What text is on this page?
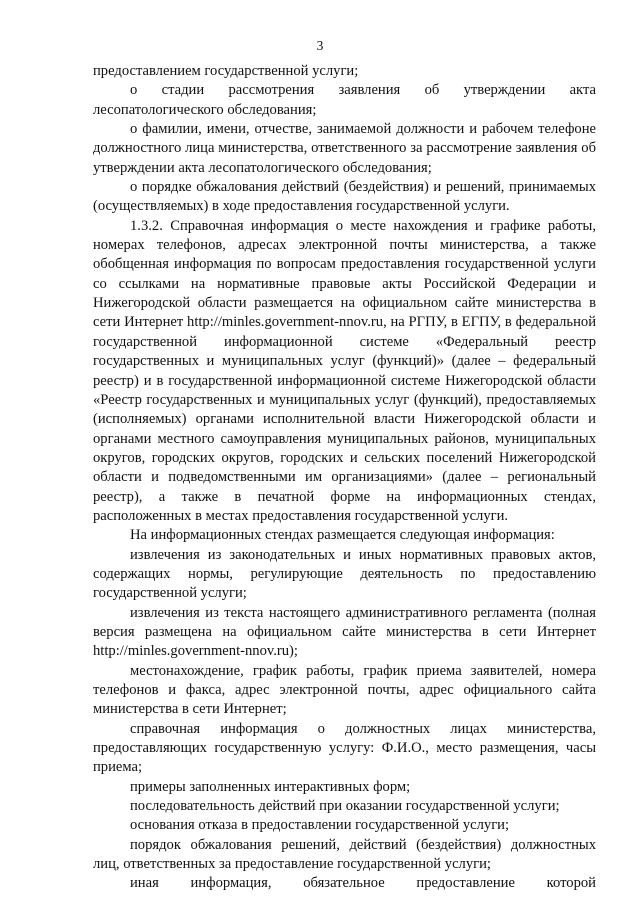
3

предоставлением государственной услуги;

о стадии рассмотрения заявления об утверждении акта лесопатологического обследования;

о фамилии, имени, отчестве, занимаемой должности и рабочем телефоне должностного лица министерства, ответственного за рассмотрение заявления об утверждении акта лесопатологического обследования;

о порядке обжалования действий (бездействия) и решений, принимаемых (осуществляемых) в ходе предоставления государственной услуги.

1.3.2. Справочная информация о месте нахождения и графике работы, номерах телефонов, адресах электронной почты министерства, а также обобщенная информация по вопросам предоставления государственной услуги со ссылками на нормативные правовые акты Российской Федерации и Нижегородской области размещается на официальном сайте министерства в сети Интернет http://minles.government-nnov.ru, на РГПУ, в ЕГПУ, в федеральной государственной информационной системе «Федеральный реестр государственных и муниципальных услуг (функций)» (далее – федеральный реестр) и в государственной информационной системе Нижегородской области «Реестр государственных и муниципальных услуг (функций), предоставляемых (исполняемых) органами исполнительной власти Нижегородской области и органами местного самоуправления муниципальных районов, муниципальных округов, городских округов, городских и сельских поселений Нижегородской области и подведомственными им организациями» (далее – региональный реестр), а также в печатной форме на информационных стендах, расположенных в местах предоставления государственной услуги.

На информационных стендах размещается следующая информация:

извлечения из законодательных и иных нормативных правовых актов, содержащих нормы, регулирующие деятельность по предоставлению государственной услуги;

извлечения из текста настоящего административного регламента (полная версия размещена на официальном сайте министерства в сети Интернет http://minles.government-nnov.ru);

местонахождение, график работы, график приема заявителей, номера телефонов и факса, адрес электронной почты, адрес официального сайта министерства в сети Интернет;

справочная информация о должностных лицах министерства, предоставляющих государственную услугу: Ф.И.О., место размещения, часы приема;

примеры заполненных интерактивных форм;

последовательность действий при оказании государственной услуги;

основания отказа в предоставлении государственной услуги;

порядок обжалования решений, действий (бездействия) должностных лиц, ответственных за предоставление государственной услуги;

иная информация, обязательное предоставление которой
